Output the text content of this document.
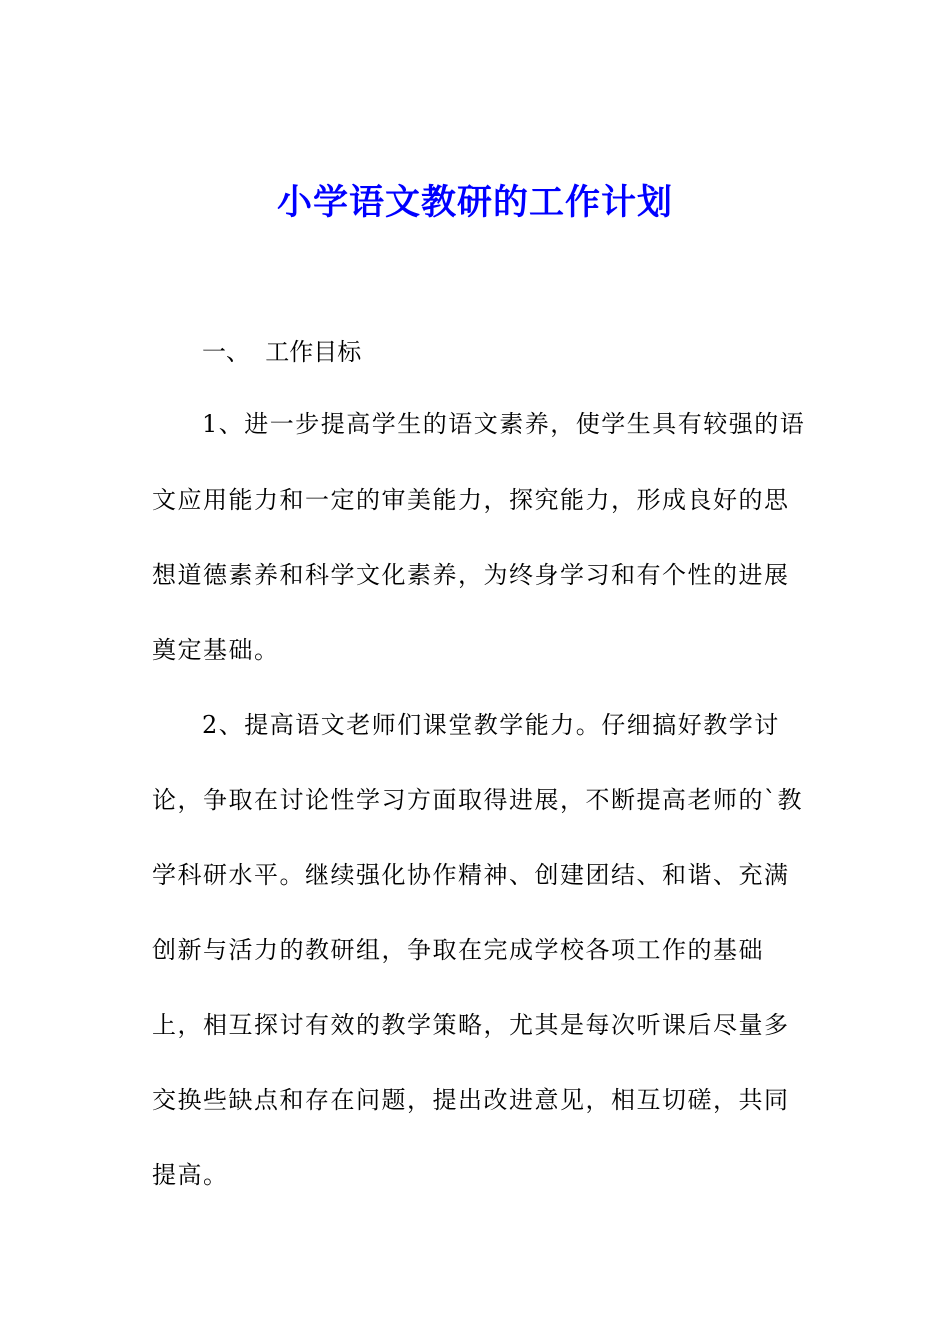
小学语文教研的工作计划
一、  工作目标
1、进一步提高学生的语文素养，使学生具有较强的语
文应用能力和一定的审美能力，探究能力，形成良好的思
想道德素养和科学文化素养，为终身学习和有个性的进展
奠定基础。
2、提高语文老师们课堂教学能力。仔细搞好教学讨
论，争取在讨论性学习方面取得进展，不断提高老师的`教
学科研水平。继续强化协作精神、创建团结、和谐、充满
创新与活力的教研组，争取在完成学校各项工作的基础
上，相互探讨有效的教学策略，尤其是每次听课后尽量多
交换些缺点和存在问题，提出改进意见，相互切磋，共同
提高。
